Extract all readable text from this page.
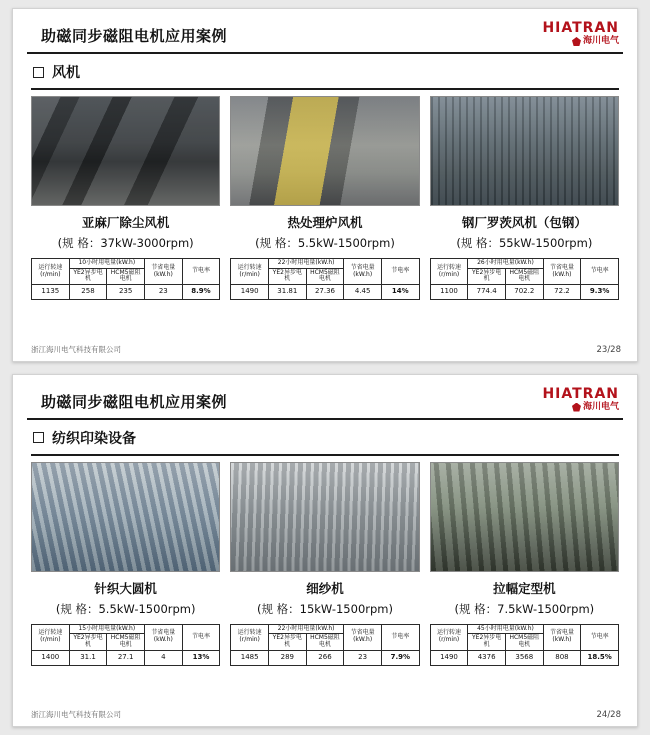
助磁同步磁阻电机应用案例	HIATRAN
海川电气
风机
亚麻厂除尘风机
(规 格：37kW-3000rpm)
运行转速 (r/min)	10小时用电量(kW.h)		节省电量(kW.h)	节电率
	YE2异步电机	HCM5磁阻电机		
1135	258	235	23	8.9%
热处理炉风机
(规 格：5.5kW-1500rpm)
运行转速 (r/min)	22小时用电量(kW.h)		节省电量(kW.h)	节电率
	YE2异步电机	HCM5磁阻电机		
1490	31.81	27.36	4.45	14%
钢厂罗茨风机（包钢）
(规 格：55kW-1500rpm)
运行转速 (r/min)	26小时用电量(kW.h)		节省电量(kW.h)	节电率
	YE2异步电机	HCM5磁阻电机		
1100	774.4	702.2	72.2	9.3%
浙江海川电气科技有限公司	23/28
助磁同步磁阻电机应用案例	HIATRAN
海川电气
纺织印染设备
针织大圆机
(规 格：5.5kW-1500rpm)
运行转速 (r/min)	15小时用电量(kW.h)		节省电量(kW.h)	节电率
	YE2异步电机	HCM5磁阻电机		
1400	31.1	27.1	4	13%
细纱机
(规 格：15kW-1500rpm)
运行转速 (r/min)	22小时用电量(kW.h)		节省电量(kW.h)	节电率
	YE2异步电机	HCM5磁阻电机		
1485	289	266	23	7.9%
拉幅定型机
(规 格：7.5kW-1500rpm)
运行转速 (r/min)	45小时用电量(kW.h)		节省电量(kW.h)	节电率
	YE2异步电机	HCM5磁阻电机		
1490	4376	3568	808	18.5%
浙江海川电气科技有限公司	24/28
